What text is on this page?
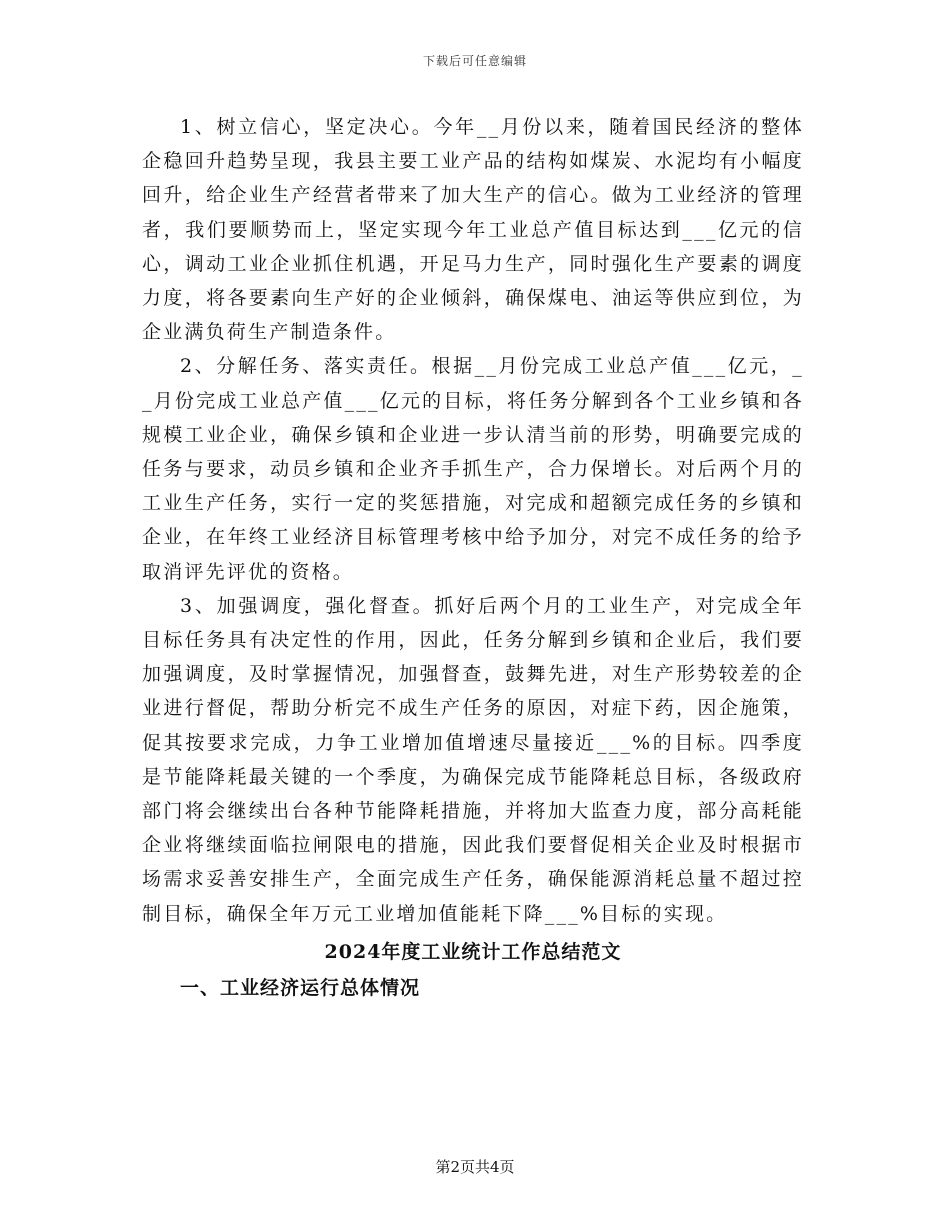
下载后可任意编辑

1、树立信心，坚定决心。今年__月份以来，随着国民经济的整体企稳回升趋势呈现，我县主要工业产品的结构如煤炭、水泥均有小幅度回升，给企业生产经营者带来了加大生产的信心。做为工业经济的管理者，我们要顺势而上，坚定实现今年工业总产值目标达到___亿元的信心，调动工业企业抓住机遇，开足马力生产，同时强化生产要素的调度力度，将各要素向生产好的企业倾斜，确保煤电、油运等供应到位，为企业满负荷生产制造条件。

2、分解任务、落实责任。根据__月份完成工业总产值___亿元，__月份完成工业总产值___亿元的目标，将任务分解到各个工业乡镇和各规模工业企业，确保乡镇和企业进一步认清当前的形势，明确要完成的任务与要求，动员乡镇和企业齐手抓生产，合力保增长。对后两个月的工业生产任务，实行一定的奖惩措施，对完成和超额完成任务的乡镇和企业，在年终工业经济目标管理考核中给予加分，对完不成任务的给予取消评先评优的资格。

3、加强调度，强化督查。抓好后两个月的工业生产，对完成全年目标任务具有决定性的作用，因此，任务分解到乡镇和企业后，我们要加强调度，及时掌握情况，加强督查，鼓舞先进，对生产形势较差的企业进行督促，帮助分析完不成生产任务的原因，对症下药，因企施策，促其按要求完成，力争工业增加值增速尽量接近___%的目标。四季度是节能降耗最关键的一个季度，为确保完成节能降耗总目标，各级政府部门将会继续出台各种节能降耗措施，并将加大监查力度，部分高耗能企业将继续面临拉闸限电的措施，因此我们要督促相关企业及时根据市场需求妥善安排生产，全面完成生产任务，确保能源消耗总量不超过控制目标，确保全年万元工业增加值能耗下降___%目标的实现。

2024年度工业统计工作总结范文

一、工业经济运行总体情况

第2页共4页
